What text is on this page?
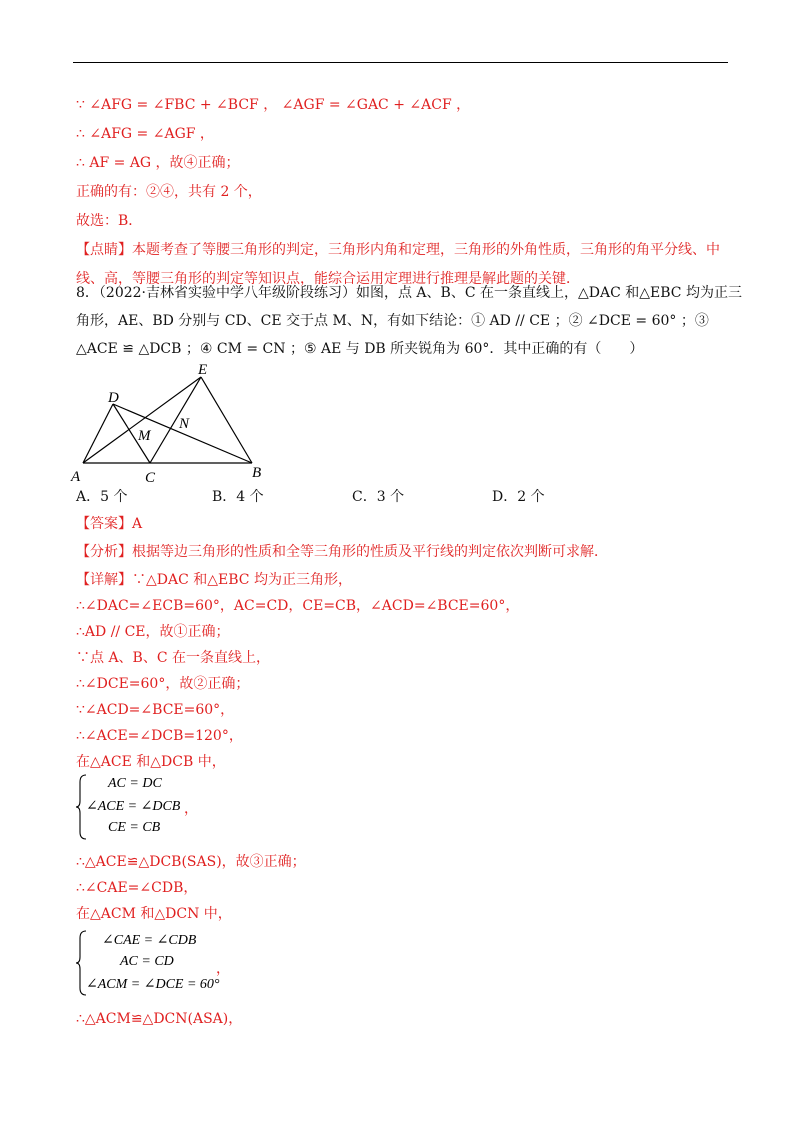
∵ ∠AFG = ∠FBC + ∠BCF ， ∠AGF = ∠GAC + ∠ACF ，
∴ ∠AFG = ∠AGF ，
∴ AF = AG ，故④正确；
正确的有：②④，共有 2 个，
故选：B．
【点睛】本题考查了等腰三角形的判定，三角形内角和定理，三角形的外角性质，三角形的角平分线、中
线、高，等腰三角形的判定等知识点，能综合运用定理进行推理是解此题的关键．
8．（2022·吉林省实验中学八年级阶段练习）如图，点 A、B、C 在一条直线上，△DAC 和△EBC 均为正三
角形，AE、BD 分别与 CD、CE 交于点 M、N，有如下结论：① AD // CE ；② ∠DCE = 60° ；③
△ACE ≌ △DCB ；④ CM = CN ；⑤ AE 与 DB 所夹锐角为 60°．其中正确的有（　　）
A	C	B
D
E
M
N
A．5 个	B．4 个	C．3 个	D．2 个
【答案】A
【分析】根据等边三角形的性质和全等三角形的性质及平行线的判定依次判断可求解．
【详解】∵△DAC 和△EBC 均为正三角形，
∴∠DAC=∠ECB=60°，AC=CD，CE=CB，∠ACD=∠BCE=60°，
∴AD // CE，故①正确；
∵点 A、B、C 在一条直线上，
∴∠DCE=60°，故②正确；
∵∠ACD=∠BCE=60°，
∴∠ACE=∠DCB=120°，
在△ACE 和△DCB 中，
AC = DC
∠ACE = ∠DCB
CE = CB
，
∴△ACE≌△DCB(SAS)，故③正确；
∴∠CAE=∠CDB，
在△ACM 和△DCN 中，
∠CAE = ∠CDB
AC = CD
∠ACM = ∠DCE = 60°
，
∴△ACM≌△DCN(ASA)，
